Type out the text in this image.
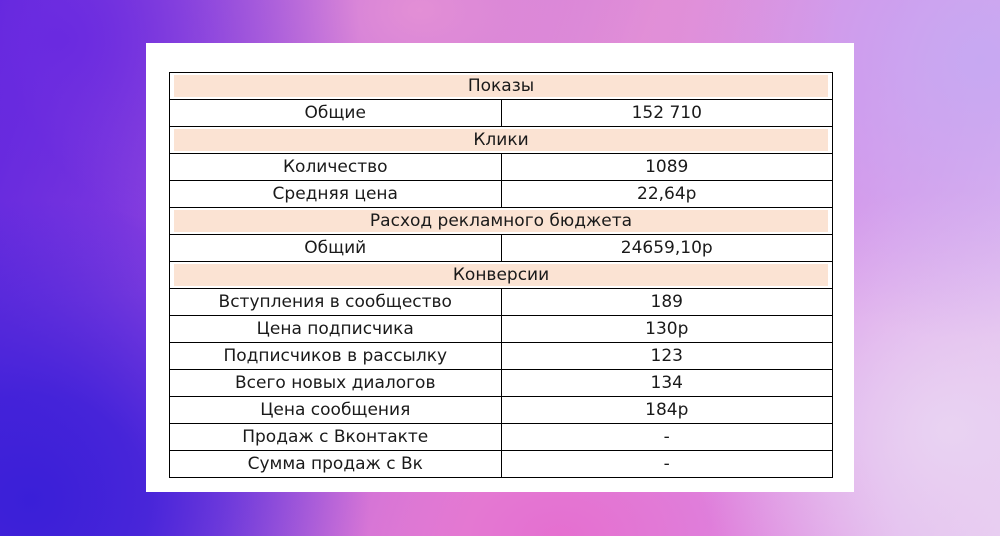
Показы	

Общие	152 710

Клики	

Количество	1089
Средняя цена	22,64р

Расход рекламного бюджета	

Общий	24659,10р

Конверсии	

Вступления в сообщество	189
Цена подписчика	130р
Подписчиков в рассылку	123
Всего новых диалогов	134
Цена сообщения	184р
Продаж с Вконтакте	-
Сумма продаж с Вк	-
